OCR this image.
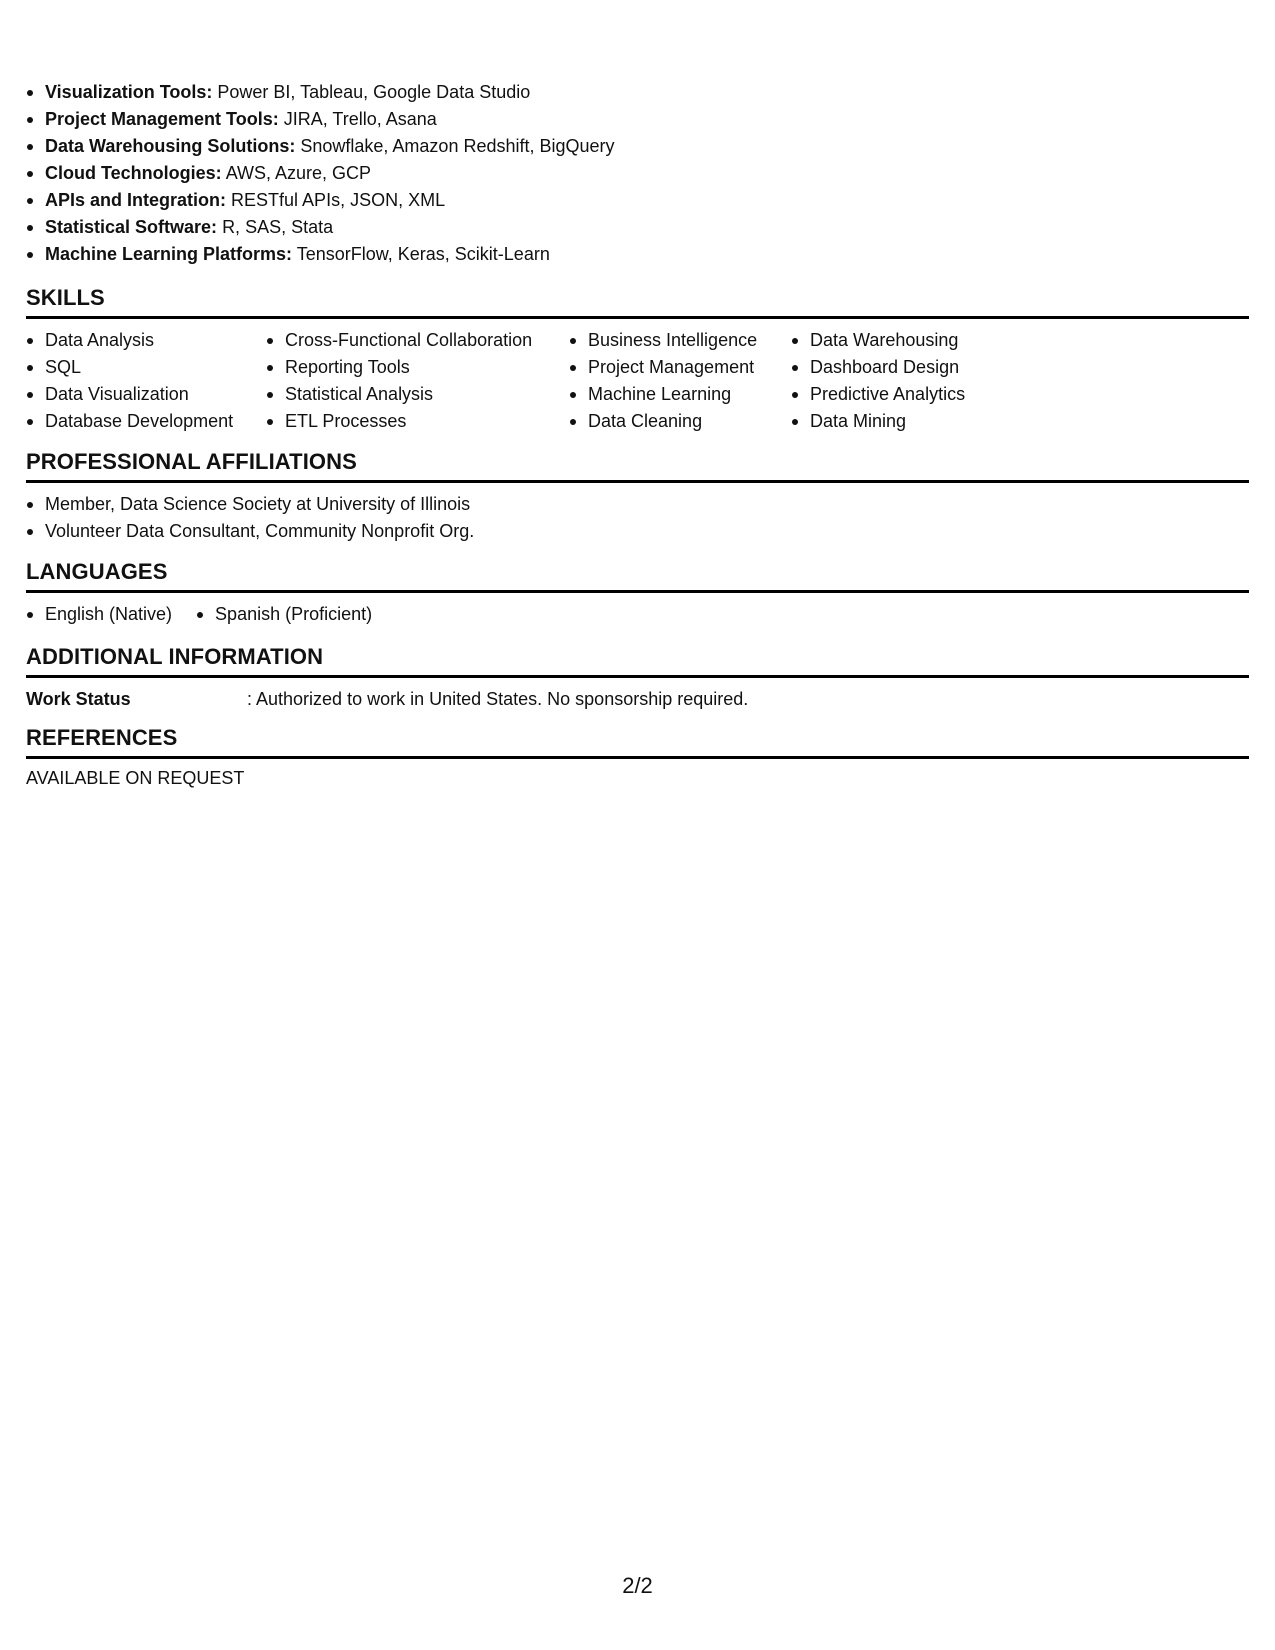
Visualization Tools: Power BI, Tableau, Google Data Studio
Project Management Tools: JIRA, Trello, Asana
Data Warehousing Solutions: Snowflake, Amazon Redshift, BigQuery
Cloud Technologies: AWS, Azure, GCP
APIs and Integration: RESTful APIs, JSON, XML
Statistical Software: R, SAS, Stata
Machine Learning Platforms: TensorFlow, Keras, Scikit-Learn
SKILLS
Data Analysis
SQL
Data Visualization
Database Development
Cross-Functional Collaboration
Reporting Tools
Statistical Analysis
ETL Processes
Business Intelligence
Project Management
Machine Learning
Data Cleaning
Data Warehousing
Dashboard Design
Predictive Analytics
Data Mining
PROFESSIONAL AFFILIATIONS
Member, Data Science Society at University of Illinois
Volunteer Data Consultant, Community Nonprofit Org.
LANGUAGES
English (Native)	Spanish (Proficient)
ADDITIONAL INFORMATION
Work Status	: Authorized to work in United States. No sponsorship required.
REFERENCES
AVAILABLE ON REQUEST
2/2
